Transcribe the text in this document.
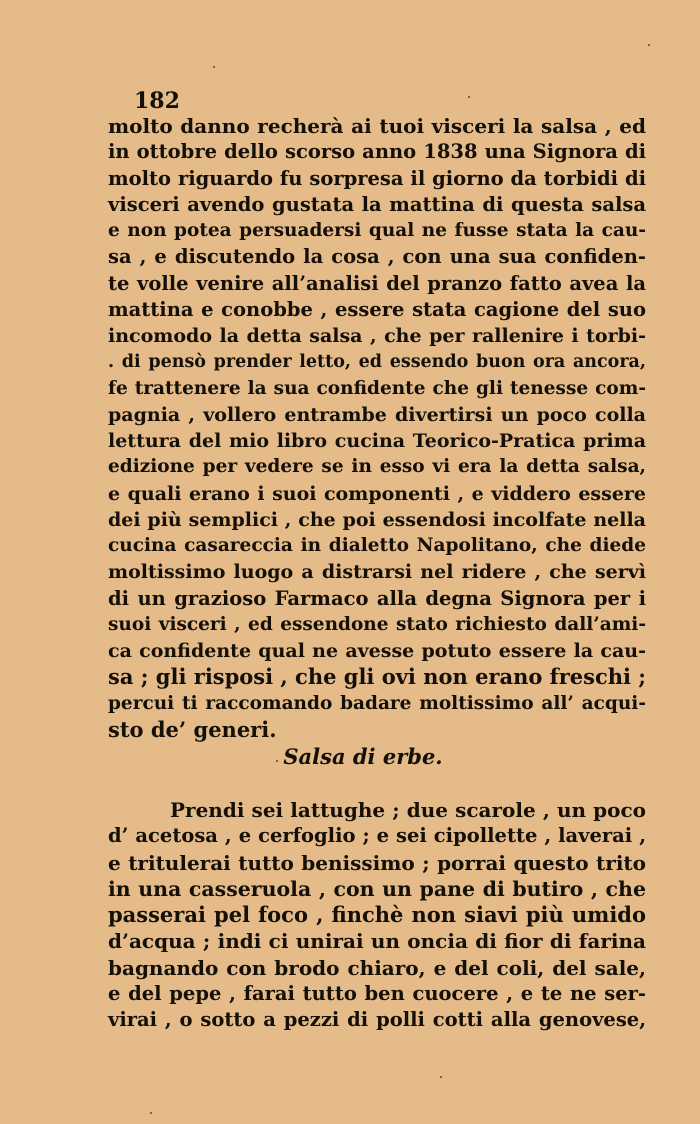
182
molto danno recherà ai tuoi visceri la salsa , ed
in ottobre dello scorso anno 1838 una Signora di
molto riguardo fu sorpresa il giorno da torbidi di
visceri avendo gustata la mattina di questa salsa
e non potea persuadersi qual ne fusse stata la cau-
sa , e discutendo la cosa , con una sua confiden-
te volle venire all’analisi del pranzo fatto avea la
mattina e conobbe , essere stata cagione del suo
incomodo la detta salsa , che per rallenire i torbi-
. di pensò prender letto, ed essendo buon ora ancora,
fe trattenere la sua confidente che gli tenesse com-
pagnia , vollero entrambe divertirsi un poco colla
lettura del mio libro cucina Teorico-Pratica prima
edizione per vedere se in esso vi era la detta salsa,
e quali erano i suoi componenti , e viddero essere
dei più semplici , che poi essendosi incolfate nella
cucina casareccia in dialetto Napolitano, che diede
moltissimo luogo a distrarsi nel ridere , che servì
di un grazioso Farmaco alla degna Signora per i
suoi visceri , ed essendone stato richiesto dall’ami-
ca confidente qual ne avesse potuto essere la cau-
sa ; gli risposi , che gli ovi non erano freschi ;
percui ti raccomando badare moltissimo all’ acqui-
sto de’ generi.
Salsa di erbe.
Prendi sei lattughe ; due scarole , un poco
d’ acetosa , e cerfoglio ; e sei cipollette , laverai ,
e tritulerai tutto benissimo ; porrai questo trito
in una casseruola , con un pane di butiro , che
passerai pel foco , finchè non siavi più umido
d’acqua ; indi ci unirai un oncia di fior di farina
bagnando con brodo chiaro, e del coli, del sale,
e del pepe , farai tutto ben cuocere , e te ne ser-
virai , o sotto a pezzi di polli cotti alla genovese,
